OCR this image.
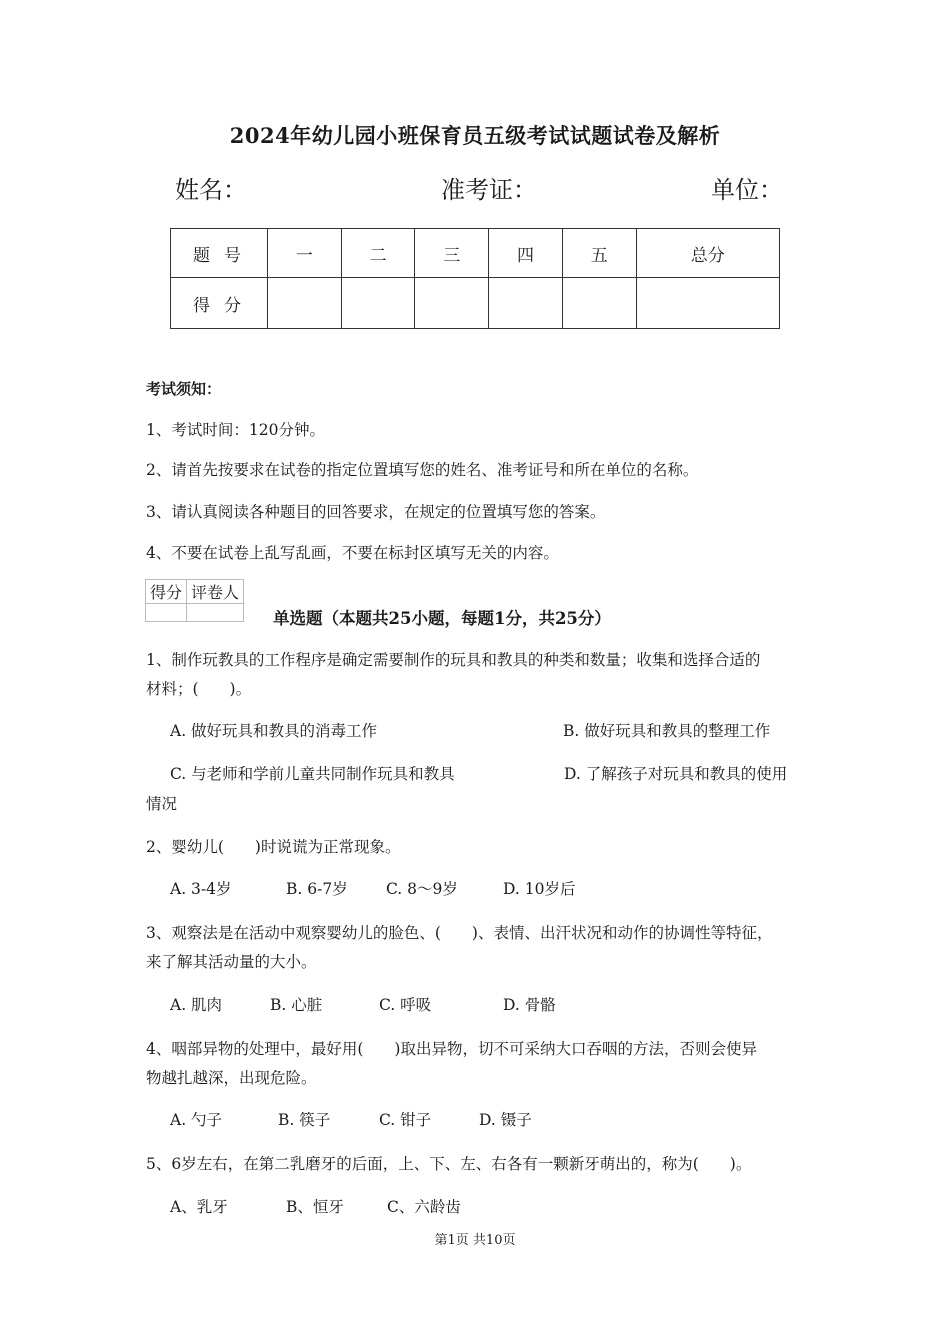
2024年幼儿园小班保育员五级考试试题试卷及解析
姓名：	准考证：	单位：
题号	一	二	三	四	五	总分
得分						
考试须知：
1、考试时间：120分钟。
2、请首先按要求在试卷的指定位置填写您的姓名、准考证号和所在单位的名称。
3、请认真阅读各种题目的回答要求，在规定的位置填写您的答案。
4、不要在试卷上乱写乱画，不要在标封区填写无关的内容。
得分	评卷人

单选题（本题共25小题，每题1分，共25分）
1、制作玩教具的工作程序是确定需要制作的玩具和教具的种类和数量；收集和选择合适的
材料；(　　)。
A. 做好玩具和教具的消毒工作	B. 做好玩具和教具的整理工作
C. 与老师和学前儿童共同制作玩具和教具	D. 了解孩子对玩具和教具的使用
情况
2、婴幼儿(　　)时说谎为正常现象。
A. 3-4岁	B. 6-7岁 C. 8～9岁	D. 10岁后
3、观察法是在活动中观察婴幼儿的脸色、(　　)、表情、出汗状况和动作的协调性等特征，
来了解其活动量的大小。
A. 肌肉	B. 心脏	C. 呼吸	D. 骨骼
4、咽部异物的处理中，最好用(　　)取出异物，切不可采纳大口吞咽的方法，否则会使异
物越扎越深，出现危险。
A. 勺子	B. 筷子	C. 钳子	D. 镊子
5、6岁左右，在第二乳磨牙的后面，上、下、左、右各有一颗新牙萌出的，称为(　　)。
A、乳牙	B、恒牙	C、六龄齿
第1页 共10页
